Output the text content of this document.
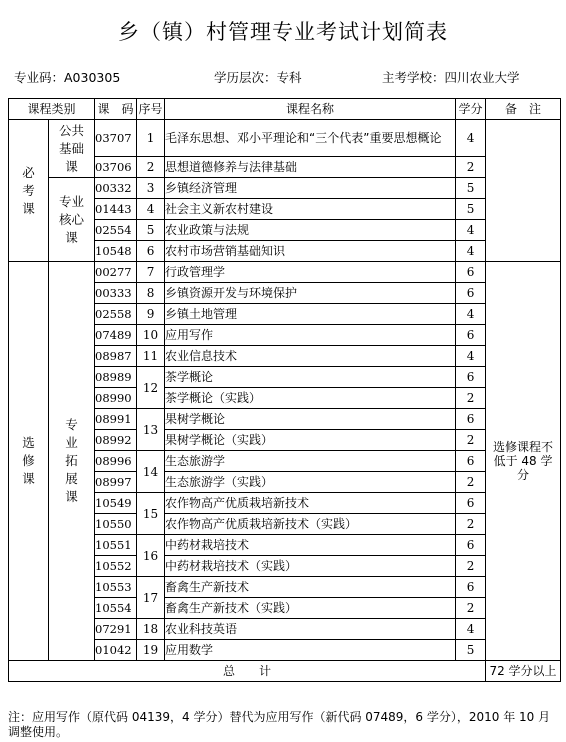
乡（镇）村管理专业考试计划简表
专业码：A030305	学历层次：专科	主考学校：四川农业大学
课程类别		课　码	序号	课程名称	学分	备　注
必考课	公共基础课	03707	1	毛泽东思想、邓小平理论和“三个代表”重要思想概论	4	
		03706	2	思想道德修养与法律基础	2	
	专业核心课	00332	3	乡镇经济管理	5	
		01443	4	社会主义新农村建设	5	
		02554	5	农业政策与法规	4	
		10548	6	农村市场营销基础知识	4	
选修课	专业拓展课	00277	7	行政管理学	6	选修课程不低于 48 学分
		00333	8	乡镇资源开发与环境保护	6	
		02558	9	乡镇土地管理	4	
		07489	10	应用写作	6	
		08987	11	农业信息技术	4	
		08989	12	茶学概论	6	
		08990		茶学概论（实践）	2	
		08991	13	果树学概论	6	
		08992		果树学概论（实践）	2	
		08996	14	生态旅游学	6	
		08997		生态旅游学（实践）	2	
		10549	15	农作物高产优质栽培新技术	6	
		10550		农作物高产优质栽培新技术（实践）	2	
		10551	16	中药材栽培技术	6	
		10552		中药材栽培技术（实践）	2	
		10553	17	畜禽生产新技术	6	
		10554		畜禽生产新技术（实践）	2	
		07291	18	农业科技英语	4	
		01042	19	应用数学	5	
总　　计						72 学分以上
注：应用写作（原代码 04139，4 学分）替代为应用写作（新代码 07489，6 学分），2010 年 10 月调整使用。
